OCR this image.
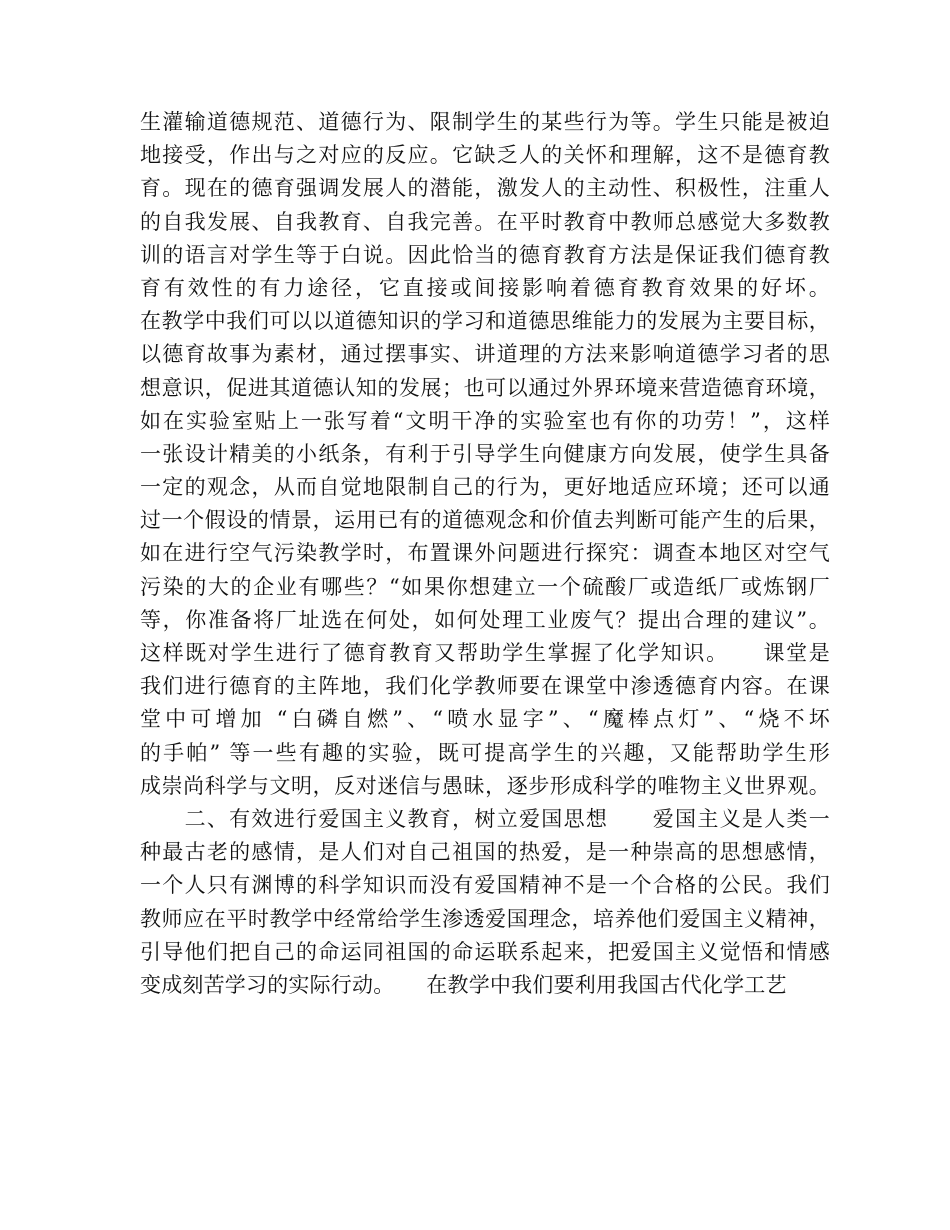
生灌输道德规范、道德行为、限制学生的某些行为等。学生只能是被迫
地接受，作出与之对应的反应。它缺乏人的关怀和理解，这不是德育教
育。现在的德育强调发展人的潜能，激发人的主动性、积极性，注重人
的自我发展、自我教育、自我完善。在平时教育中教师总感觉大多数教
训的语言对学生等于白说。因此恰当的德育教育方法是保证我们德育教
育有效性的有力途径，它直接或间接影响着德育教育效果的好坏。
在教学中我们可以以道德知识的学习和道德思维能力的发展为主要目标，
以德育故事为素材，通过摆事实、讲道理的方法来影响道德学习者的思
想意识，促进其道德认知的发展；也可以通过外界环境来营造德育环境，
如在实验室贴上一张写着“文明干净的实验室也有你的功劳！”，这样
一张设计精美的小纸条，有利于引导学生向健康方向发展，使学生具备
一定的观念，从而自觉地限制自己的行为，更好地适应环境；还可以通
过一个假设的情景，运用已有的道德观念和价值去判断可能产生的后果，
如在进行空气污染教学时，布置课外问题进行探究：调查本地区对空气
污染的大的企业有哪些？“如果你想建立一个硫酸厂或造纸厂或炼钢厂
等，你准备将厂址选在何处，如何处理工业废气？提出合理的建议”。
这样既对学生进行了德育教育又帮助学生掌握了化学知识。　　课堂是
我们进行德育的主阵地，我们化学教师要在课堂中渗透德育内容。在课
堂中可增加 “白磷自燃”、“喷水显字”、“魔棒点灯”、“烧不坏
的手帕” 等一些有趣的实验，既可提高学生的兴趣，又能帮助学生形
成崇尚科学与文明，反对迷信与愚昧，逐步形成科学的唯物主义世界观。
　　二、有效进行爱国主义教育，树立爱国思想　　爱国主义是人类一
种最古老的感情，是人们对自己祖国的热爱，是一种崇高的思想感情，
一个人只有渊博的科学知识而没有爱国精神不是一个合格的公民。我们
教师应在平时教学中经常给学生渗透爱国理念，培养他们爱国主义精神，
引导他们把自己的命运同祖国的命运联系起来，把爱国主义觉悟和情感
变成刻苦学习的实际行动。　　在教学中我们要利用我国古代化学工艺
